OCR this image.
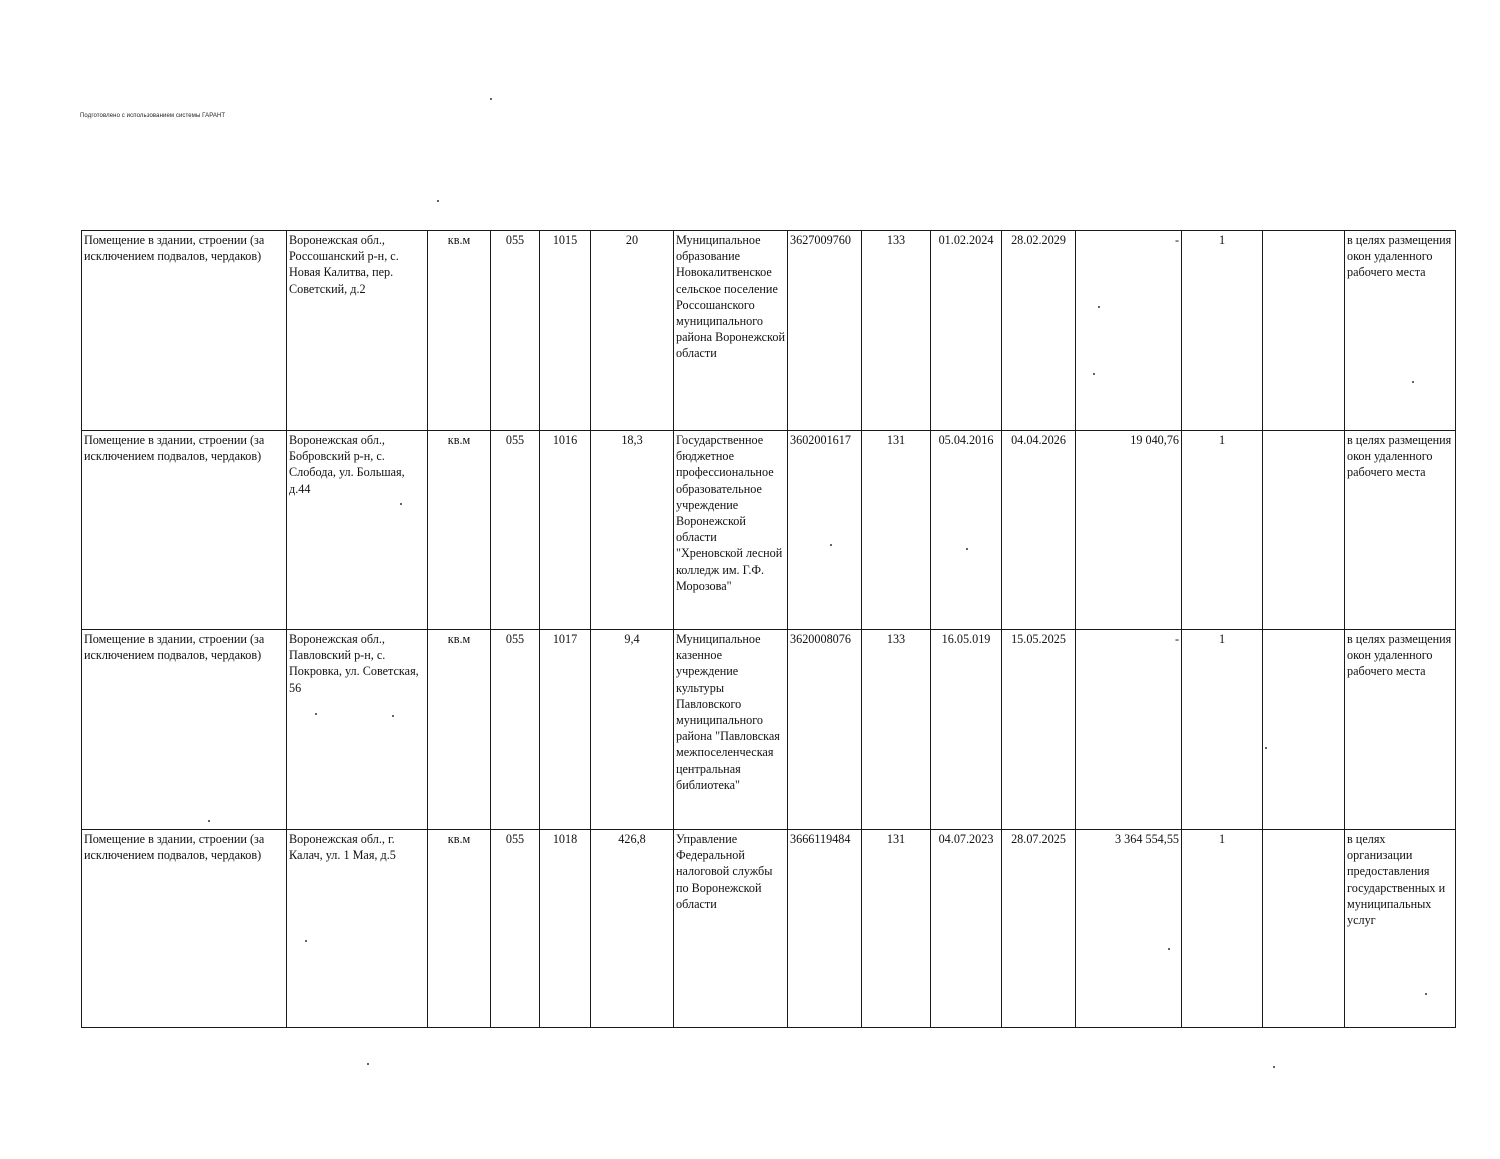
Подготовлено с использованием системы ГАРАНТ
Помещение в здании, строении (за исключением подвалов, чердаков)	Воронежская обл., Россошанский р-н, с. Новая Калитва, пер. Советский, д.2	кв.м	055	1015	20	Муниципальное образование Новокалитвенское сельское поселение Россошанского муниципального района Воронежской области	3627009760	133	01.02.2024	28.02.2029	-	1		в целях размещения окон удаленного рабочего места
Помещение в здании, строении (за исключением подвалов, чердаков)	Воронежская обл., Бобровский р-н, с. Слобода, ул. Большая, д.44	кв.м	055	1016	18,3	Государственное бюджетное профессиональное образовательное учреждение Воронежской области "Хреновской лесной колледж им. Г.Ф. Морозова"	3602001617	131	05.04.2016	04.04.2026	19 040,76	1		в целях размещения окон удаленного рабочего места
Помещение в здании, строении (за исключением подвалов, чердаков)	Воронежская обл., Павловский р-н, с. Покровка, ул. Советская, 56	кв.м	055	1017	9,4	Муниципальное казенное учреждение культуры Павловского муниципального района "Павловская межпоселенческая центральная библиотека"	3620008076	133	16.05.019	15.05.2025	-	1		в целях размещения окон удаленного рабочего места
Помещение в здании, строении (за исключением подвалов, чердаков)	Воронежская обл., г. Калач, ул. 1 Мая, д.5	кв.м	055	1018	426,8	Управление Федеральной налоговой службы по Воронежской области	3666119484	131	04.07.2023	28.07.2025	3 364 554,55	1		в целях организации предоставления государственных и муниципальных услуг
